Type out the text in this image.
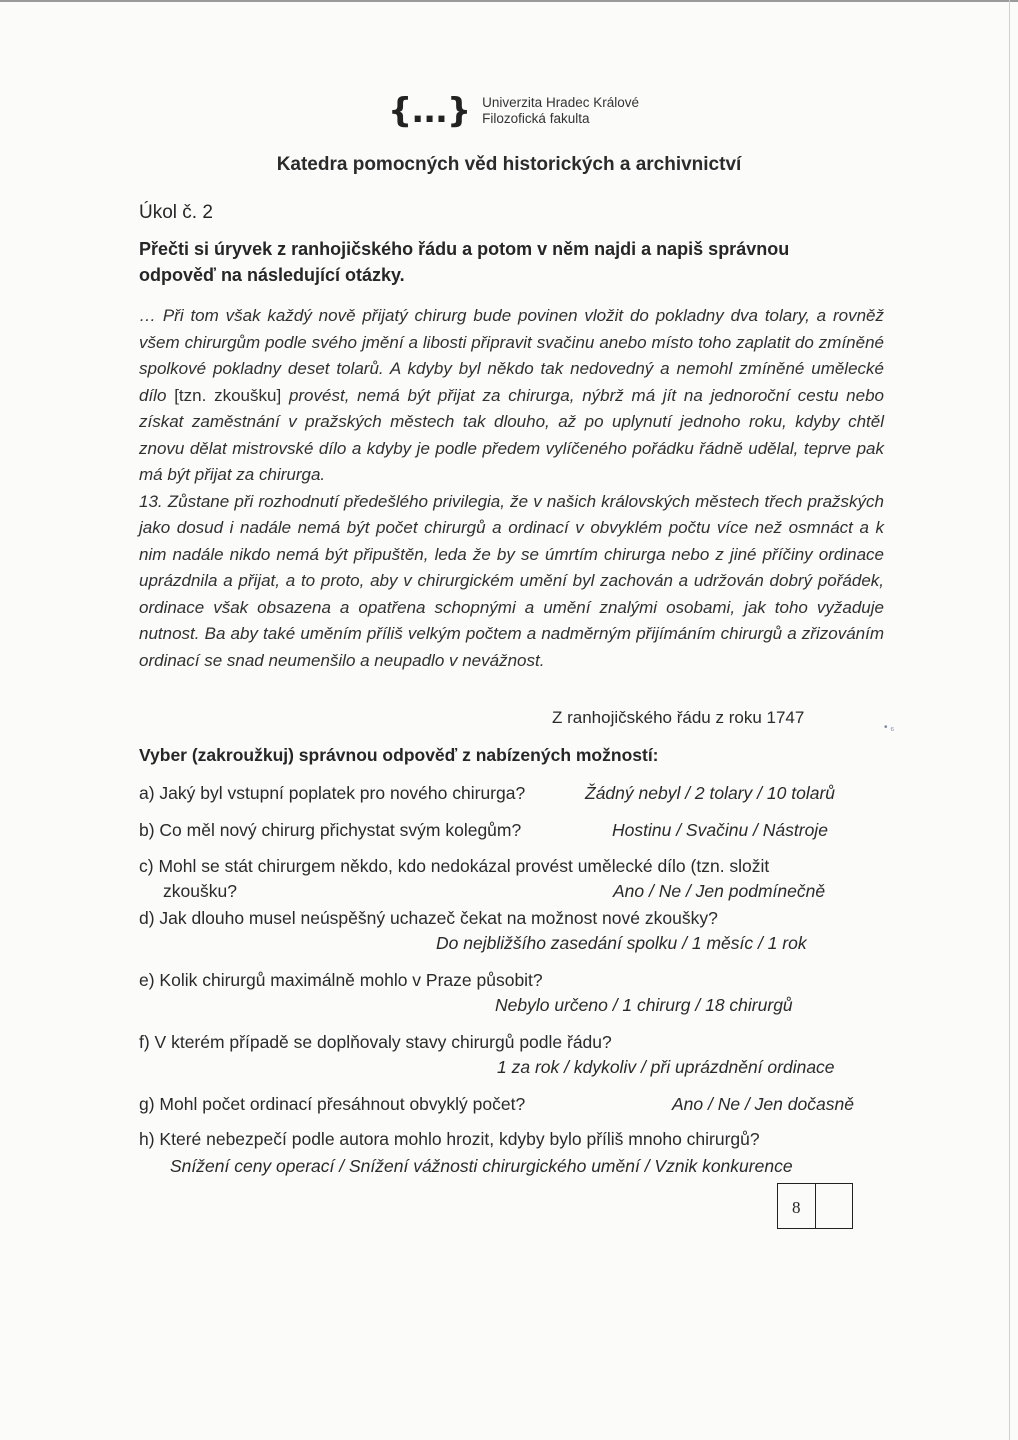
{...} Univerzita Hradec Králové
Filozofická fakulta
Katedra pomocných věd historických a archivnictví
Úkol č. 2
Přečti si úryvek z ranhojičského řádu a potom v něm najdi a napiš správnou
odpověď na následující otázky.

… Při tom však každý nově přijatý chirurg bude povinen vložit do pokladny dva tolary, a rovněž všem chirurgům podle svého jmění a libosti připravit svačinu anebo místo toho zaplatit do zmíněné spolkové pokladny deset tolarů. A kdyby byl někdo tak nedovedný a nemohl zmíněné umělecké dílo [tzn. zkoušku] provést, nemá být přijat za chirurga, nýbrž má jít na jednoroční cestu nebo získat zaměstnání v pražských městech tak dlouho, až po uplynutí jednoho roku, kdyby chtěl znovu dělat mistrovské dílo a kdyby je podle předem vylíčeného pořádku řádně udělal, teprve pak má být přijat za chirurga.

13. Zůstane při rozhodnutí předešlého privilegia, že v našich královských městech třech pražských jako dosud i nadále nemá být počet chirurgů a ordinací v obvyklém počtu více než osmnáct a k nim nadále nikdo nemá být připuštěn, leda že by se úmrtím chirurga nebo z jiné příčiny ordinace uprázdnila a přijat, a to proto, aby v chirurgickém umění byl zachován a udržován dobrý pořádek, ordinace však obsazena a opatřena schopnými a umění znalými osobami, jak toho vyžaduje nutnost. Ba aby také uměním příliš velkým počtem a nadměrným přijímáním chirurgů a zřizováním ordinací se snad neumenšilo a neupadlo v nevážnost.

Z ranhojičského řádu z roku 1747
• ₆
Vyber (zakroužkuj) správnou odpověď z nabízených možností:
a) Jaký byl vstupní poplatek pro nového chirurga?	Žádný nebyl / 2 tolary / 10 tolarů
b) Co měl nový chirurg přichystat svým kolegům?	Hostinu / Svačinu / Nástroje
c) Mohl se stát chirurgem někdo, kdo nedokázal provést umělecké dílo (tzn. složit
zkoušku?	Ano / Ne / Jen podmínečně
d) Jak dlouho musel neúspěšný uchazeč čekat na možnost nové zkoušky?
Do nejbližšího zasedání spolku / 1 měsíc / 1 rok
e) Kolik chirurgů maximálně mohlo v Praze působit?
Nebylo určeno / 1 chirurg / 18 chirurgů
f) V kterém případě se doplňovaly stavy chirurgů podle řádu?
1 za rok / kdykoliv / při uprázdnění ordinace
g) Mohl počet ordinací přesáhnout obvyklý počet?	Ano / Ne / Jen dočasně
h) Které nebezpečí podle autora mohlo hrozit, kdyby bylo příliš mnoho chirurgů?
Snížení ceny operací / Snížení vážnosti chirurgického umění / Vznik konkurence
8
